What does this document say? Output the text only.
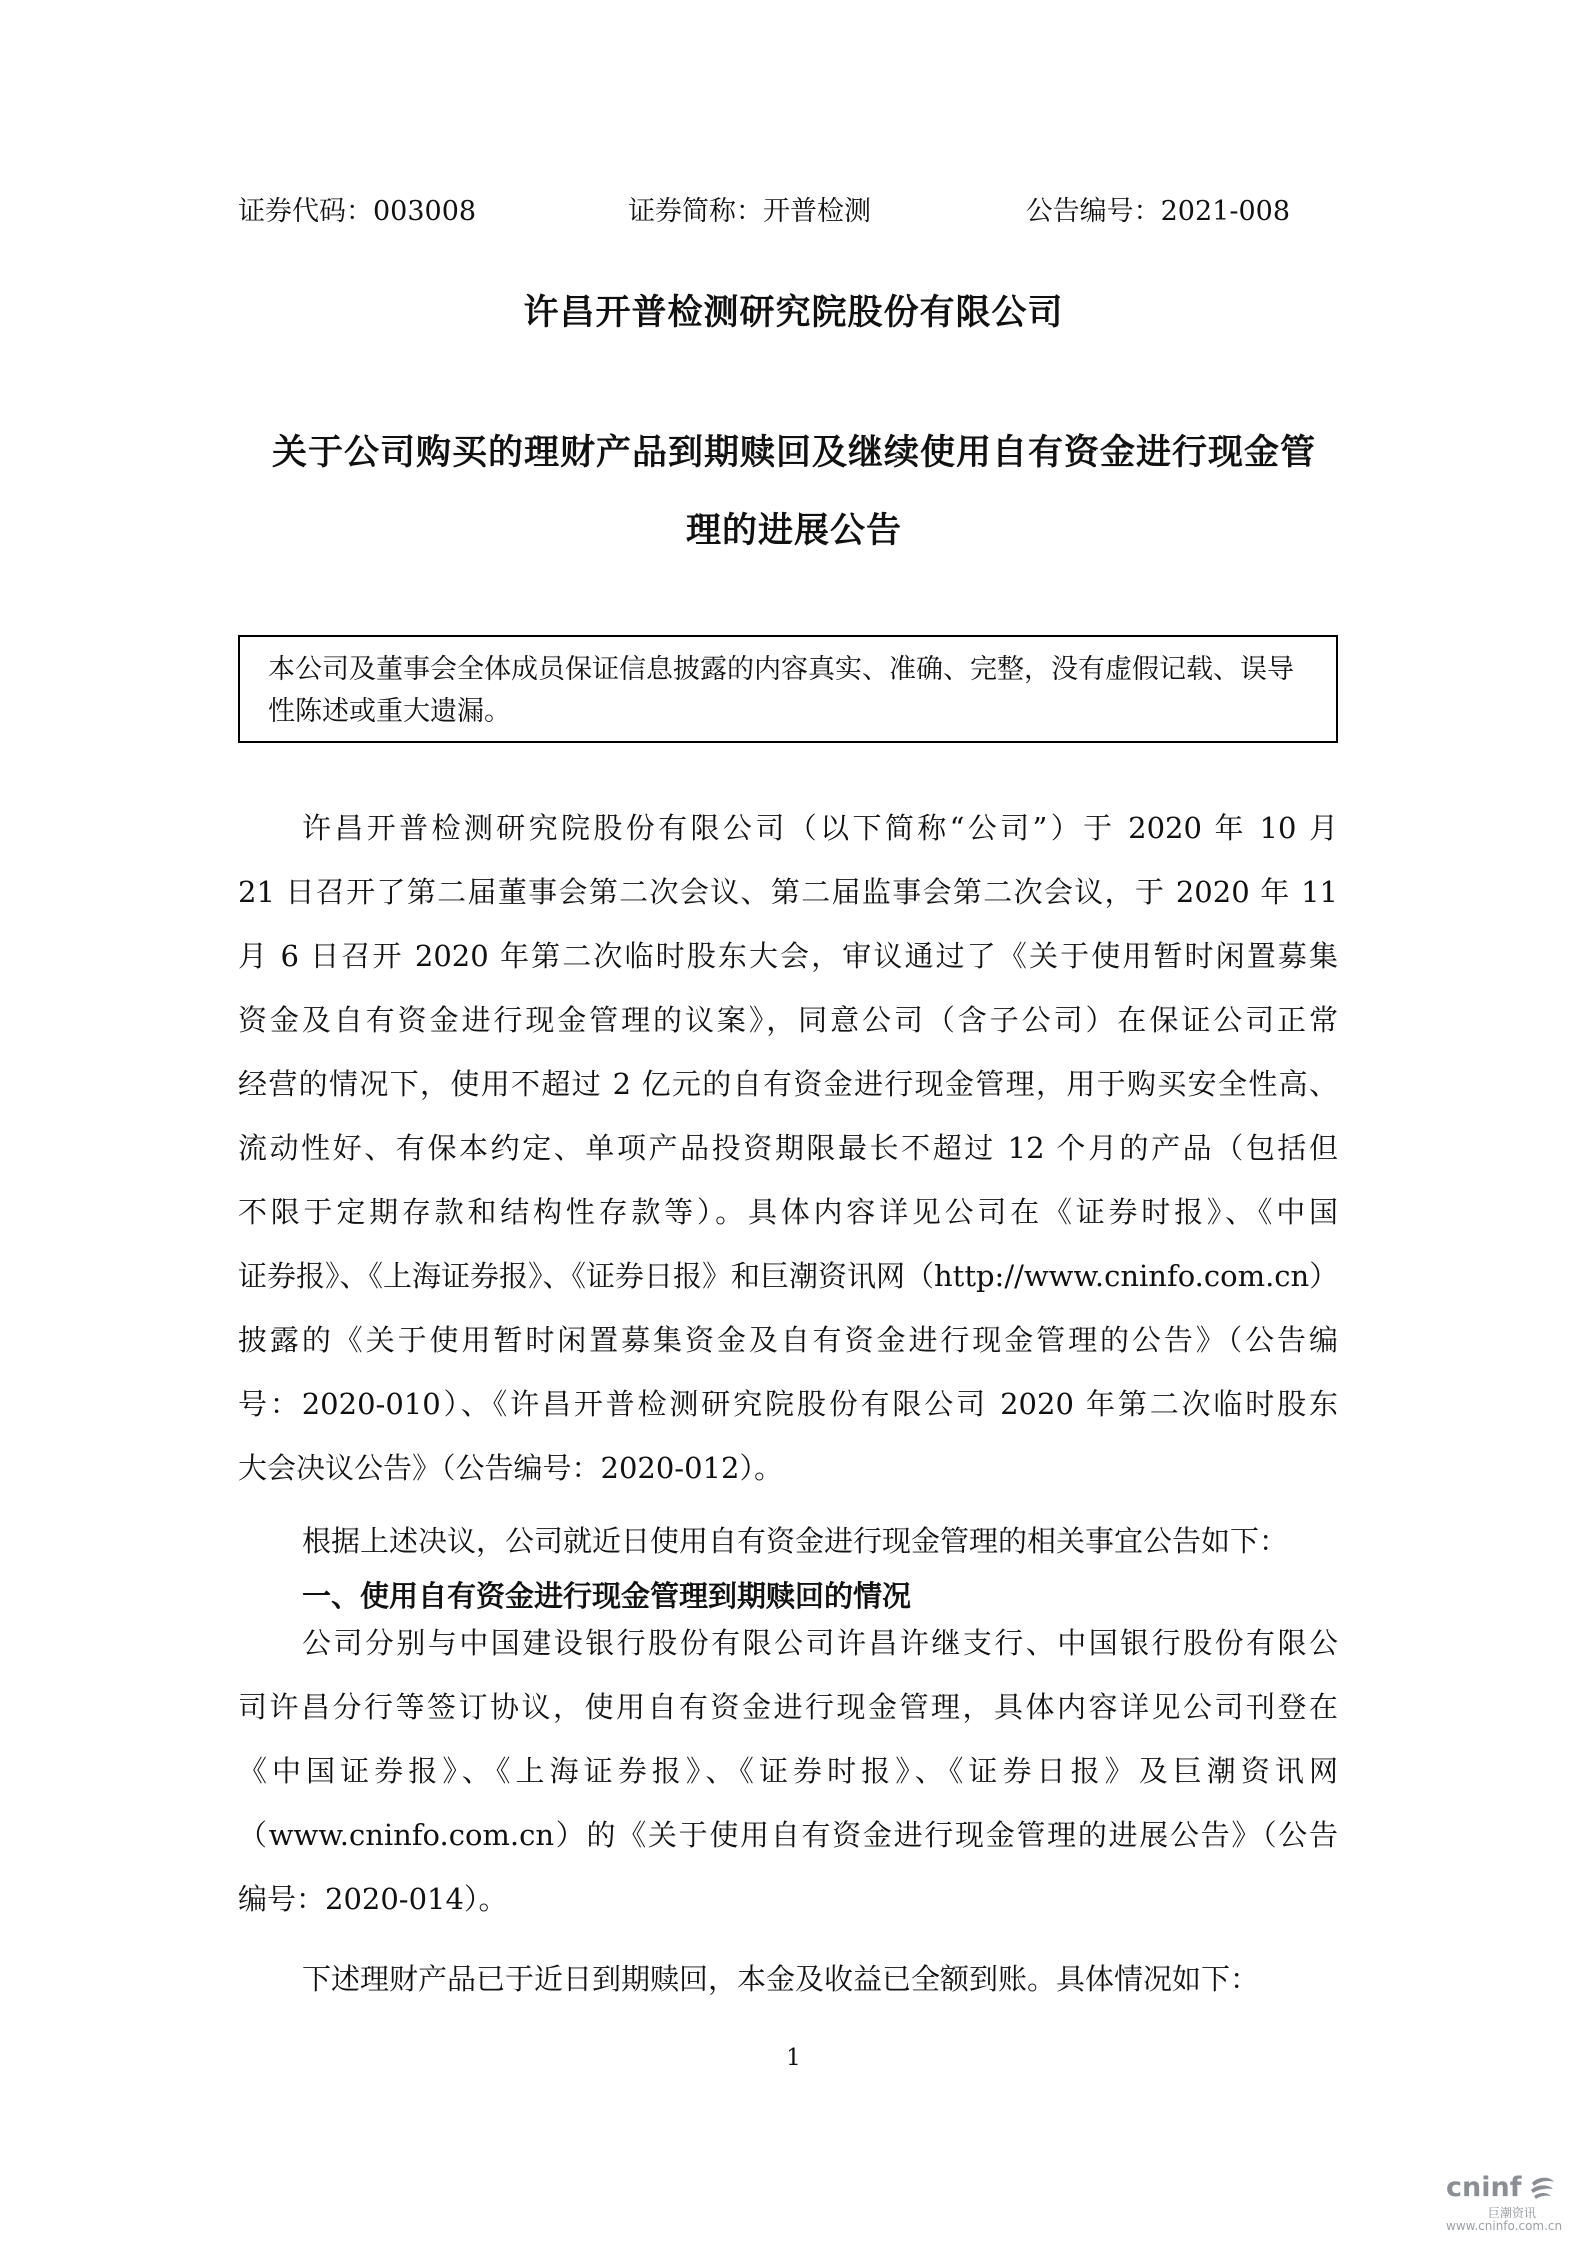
证券代码：003008	证券简称：开普检测	公告编号：2021-008
许昌开普检测研究院股份有限公司
关于公司购买的理财产品到期赎回及继续使用自有资金进行现金管
理的进展公告
本公司及董事会全体成员保证信息披露的内容真实、准确、完整，没有虚假记载、误导
性陈述或重大遗漏。
许昌开普检测研究院股份有限公司（以下简称“公司”）于 2020 年 10 月
21 日召开了第二届董事会第二次会议、第二届监事会第二次会议，于 2020 年 11
月 6 日召开 2020 年第二次临时股东大会，审议通过了《关于使用暂时闲置募集
资金及自有资金进行现金管理的议案》，同意公司（含子公司）在保证公司正常
经营的情况下，使用不超过 2 亿元的自有资金进行现金管理，用于购买安全性高、
流动性好、有保本约定、单项产品投资期限最长不超过 12 个月的产品（包括但
不限于定期存款和结构性存款等）。具体内容详见公司在《证券时报》、《中国
证券报》、《上海证券报》、《证券日报》和巨潮资讯网（http://www.cninfo.com.cn）
披露的《关于使用暂时闲置募集资金及自有资金进行现金管理的公告》（公告编
号：2020-010）、《许昌开普检测研究院股份有限公司 2020 年第二次临时股东
大会决议公告》（公告编号：2020-012）。
根据上述决议，公司就近日使用自有资金进行现金管理的相关事宜公告如下：
一、使用自有资金进行现金管理到期赎回的情况
公司分别与中国建设银行股份有限公司许昌许继支行、中国银行股份有限公
司许昌分行等签订协议，使用自有资金进行现金管理，具体内容详见公司刊登在
《中国证券报》、《上海证券报》、《证券时报》、《证券日报》及巨潮资讯网
（www.cninfo.com.cn）的《关于使用自有资金进行现金管理的进展公告》（公告
编号：2020-014）。
下述理财产品已于近日到期赎回，本金及收益已全额到账。具体情况如下：
1
cninf
巨潮资讯
www.cninfo.com.cn
